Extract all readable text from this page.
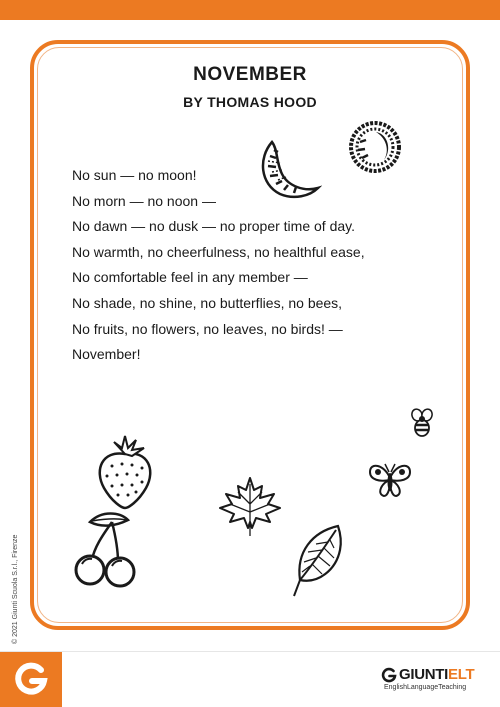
NOVEMBER
BY THOMAS HOOD

No sun — no moon!

No morn — no noon —

No dawn — no dusk — no proper time of day.

No warmth, no cheerfulness, no healthful ease,

No comfortable feel in any member —

No shade, no shine, no butterflies, no bees,

No fruits, no flowers, no leaves, no birds! —

November!

© 2021 Giunti Scuola S.r.l., Firenze
GIUNTI ELT
EnglishLanguageTeaching
